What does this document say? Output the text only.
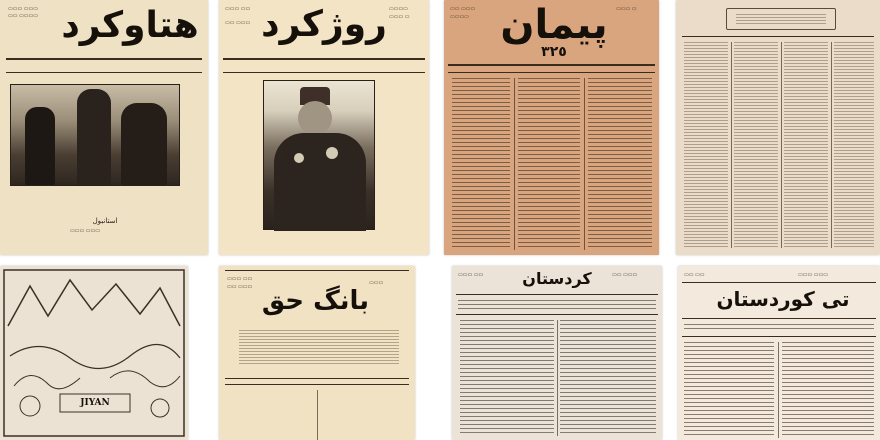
▭▭▭ ▭▭▭
▭▭ ▭▭▭▭ هتاوکرد
استانبول
▭▭▭ ▭▭▭
▭▭▭ ▭▭
▭▭ ▭▭▭ روژکرد ▭▭▭▭
▭▭▭ ▭
▭▭ ▭▭▭
▭▭▭▭ پیمان
٣٢٥
▭▭▭ ▭
JIYAN
▭▭▭ ▭▭
▭▭ ▭▭▭ بانگ حق
▭▭▭	کردستان
▭▭▭ ▭▭	▭▭ ▭▭▭	▭▭ ▭▭	▭▭▭ ▭▭▭
تی کوردستان
